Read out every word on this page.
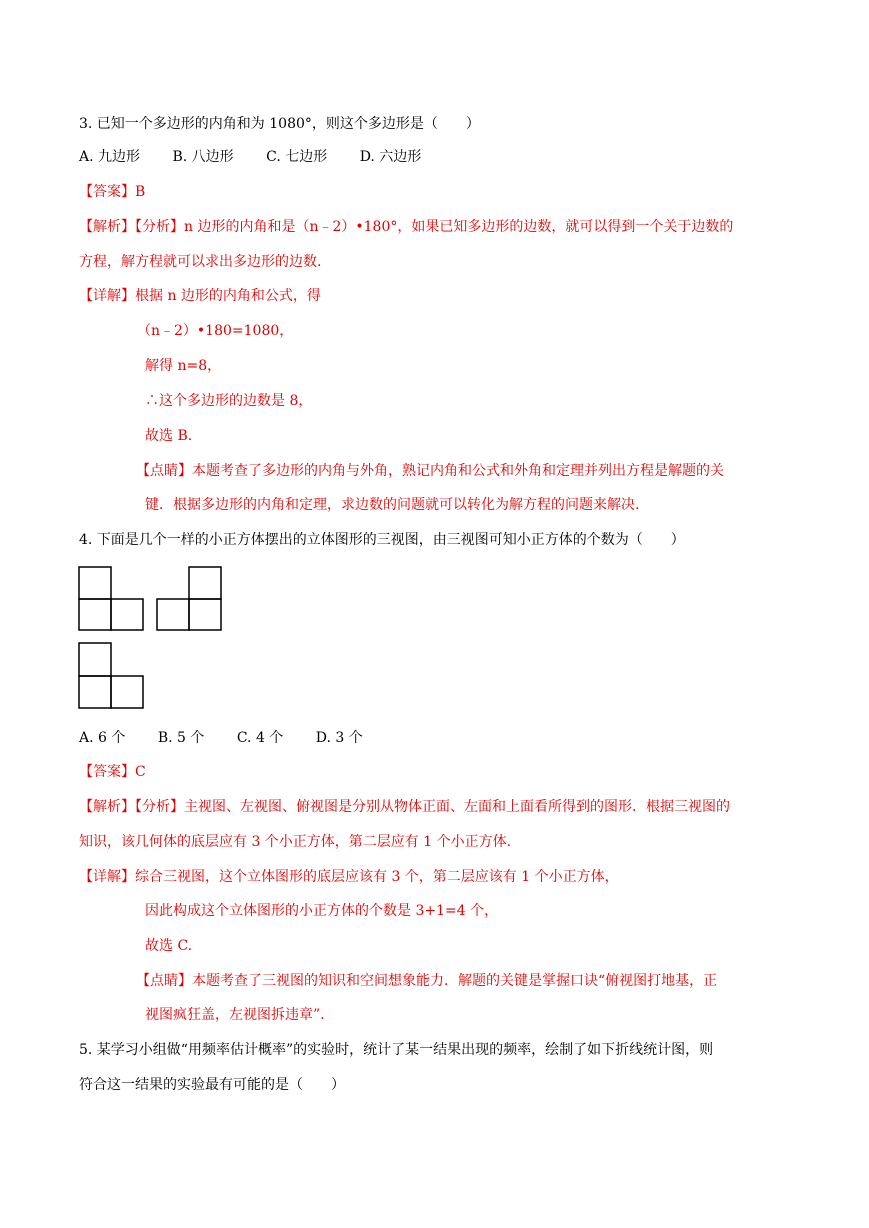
3. 已知一个多边形的内角和为 1080°，则这个多边形是（　　）
A. 九边形 B. 八边形 C. 七边形 D. 六边形
【答案】B
【解析】【分析】n 边形的内角和是（n﹣2）•180°，如果已知多边形的边数，就可以得到一个关于边数的
方程，解方程就可以求出多边形的边数.
【详解】根据 n 边形的内角和公式，得
（n﹣2）•180=1080，
解得 n=8，
∴这个多边形的边数是 8，
故选 B.
【点睛】本题考查了多边形的内角与外角，熟记内角和公式和外角和定理并列出方程是解题的关
键．根据多边形的内角和定理，求边数的问题就可以转化为解方程的问题来解决.
4. 下面是几个一样的小正方体摆出的立体图形的三视图，由三视图可知小正方体的个数为（　　）
A. 6 个 B. 5 个 C. 4 个 D. 3 个
【答案】C
【解析】【分析】主视图、左视图、俯视图是分别从物体正面、左面和上面看所得到的图形．根据三视图的
知识，该几何体的底层应有 3 个小正方体，第二层应有 1 个小正方体.
【详解】综合三视图，这个立体图形的底层应该有 3 个，第二层应该有 1 个小正方体，
因此构成这个立体图形的小正方体的个数是 3+1=4 个，
故选 C.
【点睛】本题考查了三视图的知识和空间想象能力．解题的关键是掌握口诀“俯视图打地基，正
视图疯狂盖，左视图拆违章”.
5. 某学习小组做“用频率估计概率”的实验时，统计了某一结果出现的频率，绘制了如下折线统计图，则
符合这一结果的实验最有可能的是（　　）
